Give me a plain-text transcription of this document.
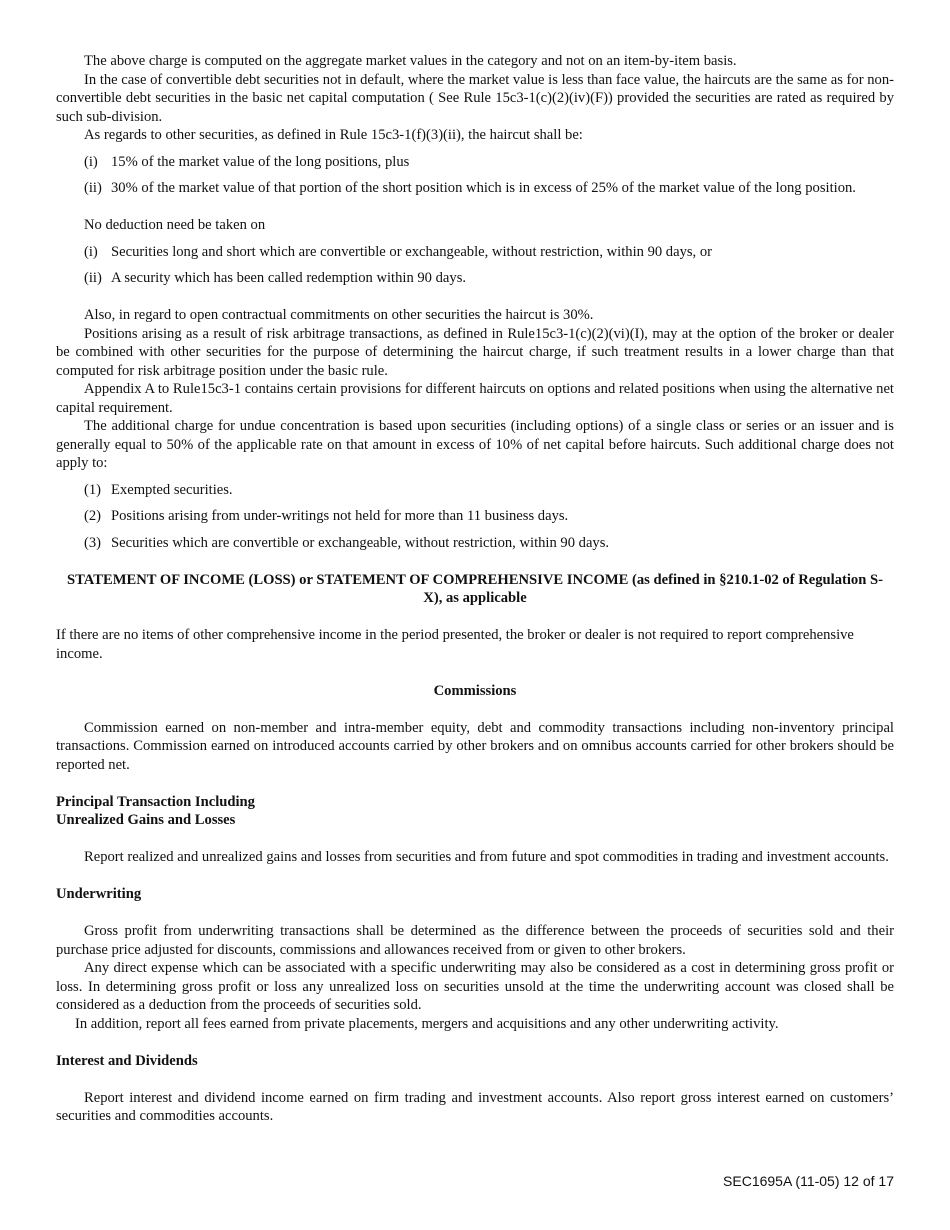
The above charge is computed on the aggregate market values in the category and not on an item-by-item basis.

In the case of convertible debt securities not in default, where the market value is less than face value, the haircuts are the same as for non-convertible debt securities in the basic net capital computation ( See Rule 15c3-1(c)(2)(iv)(F)) provided the securities are rated as required by such sub-division.

As regards to other securities, as defined in Rule 15c3-1(f)(3)(ii), the haircut shall be:

(i) 15% of the market value of the long positions, plus
(ii) 30% of the market value of that portion of the short position which is in excess of 25% of the market value of the long position.

No deduction need be taken on

(i) Securities long and short which are convertible or exchangeable, without restriction, within 90 days, or
(ii) A security which has been called redemption within 90 days.

Also, in regard to open contractual commitments on other securities the haircut is 30%.

Positions arising as a result of risk arbitrage transactions, as defined in Rule15c3-1(c)(2)(vi)(I), may at the option of the broker or dealer be combined with other securities for the purpose of determining the haircut charge, if such treatment results in a lower charge than that computed for risk arbitrage position under the basic rule.

Appendix A to Rule15c3-1 contains certain provisions for different haircuts on options and related positions when using the alternative net capital requirement.

The additional charge for undue concentration is based upon securities (including options) of a single class or series or an issuer and is generally equal to 50% of the applicable rate on that amount in excess of 10% of net capital before haircuts. Such additional charge does not apply to:

(1) Exempted securities.
(2) Positions arising from under-writings not held for more than 11 business days.
(3) Securities which are convertible or exchangeable, without restriction, within 90 days.

STATEMENT OF INCOME (LOSS) or STATEMENT OF COMPREHENSIVE INCOME (as defined in §210.1-02 of Regulation S-X), as applicable

If there are no items of other comprehensive income in the period presented, the broker or dealer is not required to report comprehensive income.

Commissions

Commission earned on non-member and intra-member equity, debt and commodity transactions including non-inventory principal transactions. Commission earned on introduced accounts carried by other brokers and on omnibus accounts carried for other brokers should be reported net.

Principal Transaction Including

Unrealized Gains and Losses

Report realized and unrealized gains and losses from securities and from future and spot commodities in trading and investment accounts.

Underwriting

Gross profit from underwriting transactions shall be determined as the difference between the proceeds of securities sold and their purchase price adjusted for discounts, commissions and allowances received from or given to other brokers.

Any direct expense which can be associated with a specific underwriting may also be considered as a cost in determining gross profit or loss. In determining gross profit or loss any unrealized loss on securities unsold at the time the underwriting account was closed shall be considered as a deduction from the proceeds of securities sold.

In addition, report all fees earned from private placements, mergers and acquisitions and any other underwriting activity.

Interest and Dividends

Report interest and dividend income earned on firm trading and investment accounts. Also report gross interest earned on customers’ securities and commodities accounts.

SEC1695A (11-05) 12 of 17
